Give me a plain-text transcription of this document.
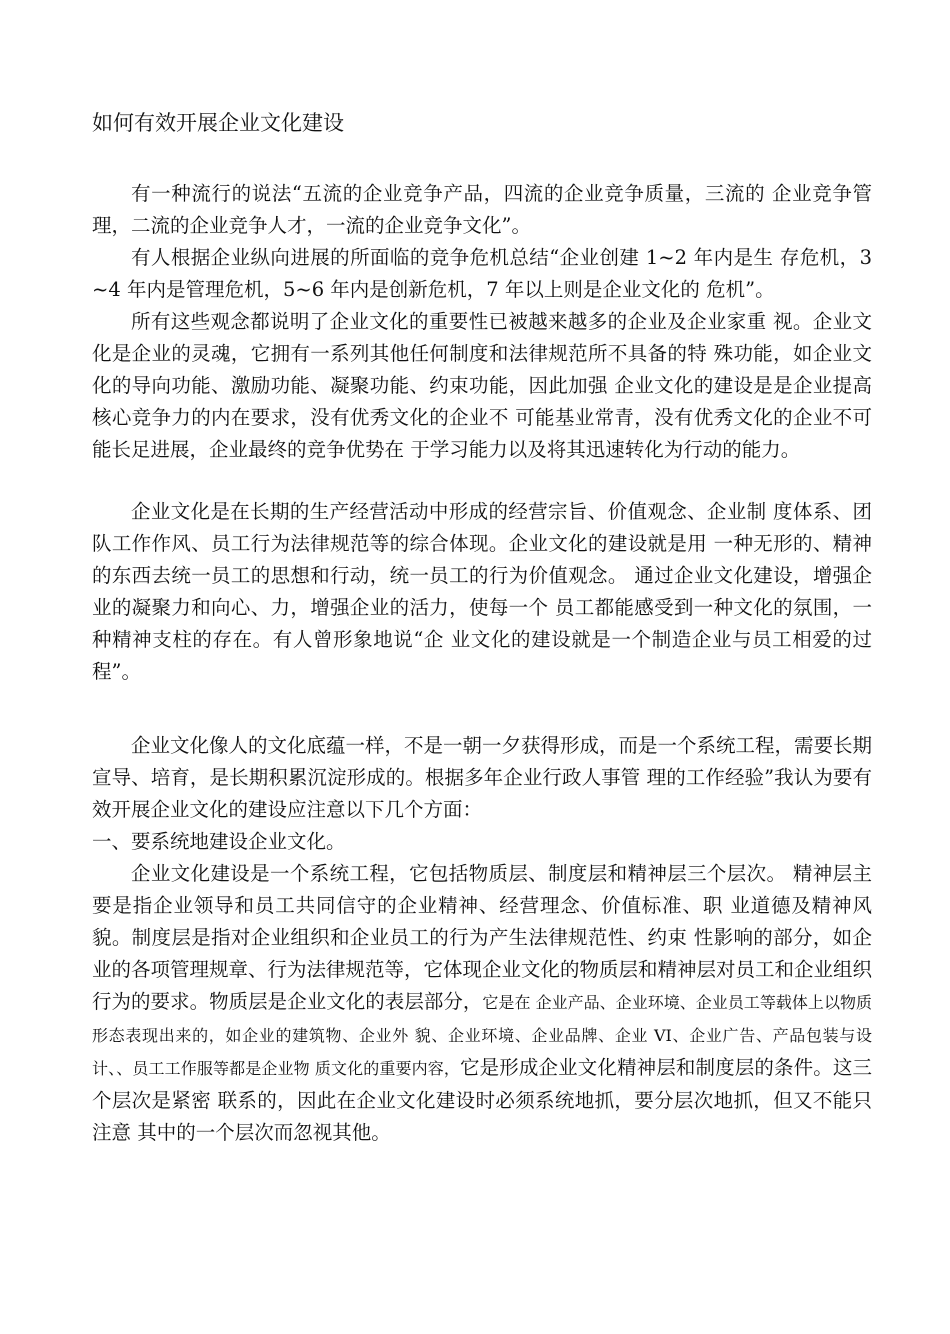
如何有效开展企业文化建设

有一种流行的说法“五流的企业竞争产品，四流的企业竞争质量，三流的 企业竞争管理，二流的企业竞争人才，一流的企业竞争文化”。

有人根据企业纵向进展的所面临的竞争危机总结“企业创建 1~2 年内是生 存危机，3~4 年内是管理危机，5~6 年内是创新危机，7 年以上则是企业文化的 危机”。

所有这些观念都说明了企业文化的重要性已被越来越多的企业及企业家重 视。企业文化是企业的灵魂，它拥有一系列其他任何制度和法律规范所不具备的特 殊功能，如企业文化的导向功能、激励功能、凝聚功能、约束功能，因此加强 企业文化的建设是是企业提高核心竞争力的内在要求，没有优秀文化的企业不 可能基业常青，没有优秀文化的企业不可能长足进展，企业最终的竞争优势在 于学习能力以及将其迅速转化为行动的能力。

企业文化是在长期的生产经营活动中形成的经营宗旨、价值观念、企业制 度体系、团队工作作风、员工行为法律规范等的综合体现。企业文化的建设就是用 一种无形的、精神的东西去统一员工的思想和行动，统一员工的行为价值观念。 通过企业文化建设，增强企业的凝聚力和向心、力，增强企业的活力，使每一个 员工都能感受到一种文化的氛围，一种精神支柱的存在。有人曾形象地说“企 业文化的建设就是一个制造企业与员工相爱的过程”。

企业文化像人的文化底蕴一样，不是一朝一夕获得形成，而是一个系统工程，需要长期宣导、培育，是长期积累沉淀形成的。根据多年企业行政人事管 理的工作经验”我认为要有效开展企业文化的建设应注意以下几个方面：

一、要系统地建设企业文化。

企业文化建设是一个系统工程，它包括物质层、制度层和精神层三个层次。 精神层主要是指企业领导和员工共同信守的企业精神、经营理念、价值标准、职 业道德及精神风貌。制度层是指对企业组织和企业员工的行为产生法律规范性、约束 性影响的部分，如企业的各项管理规章、行为法律规范等，它体现企业文化的物质层和精神层对员工和企业组织行为的要求。物质层是企业文化的表层部分，它是在 企业产品、企业环境、企业员工等载体上以物质形态表现出来的，如企业的建筑物、企业外 貌、企业环境、企业品牌、企业 VI、企业广告、产品包装与设计、、员工工作服等都是企业物 质文化的重要内容，它是形成企业文化精神层和制度层的条件。这三个层次是紧密 联系的，因此在企业文化建设时必须系统地抓，要分层次地抓，但又不能只注意 其中的一个层次而忽视其他。
